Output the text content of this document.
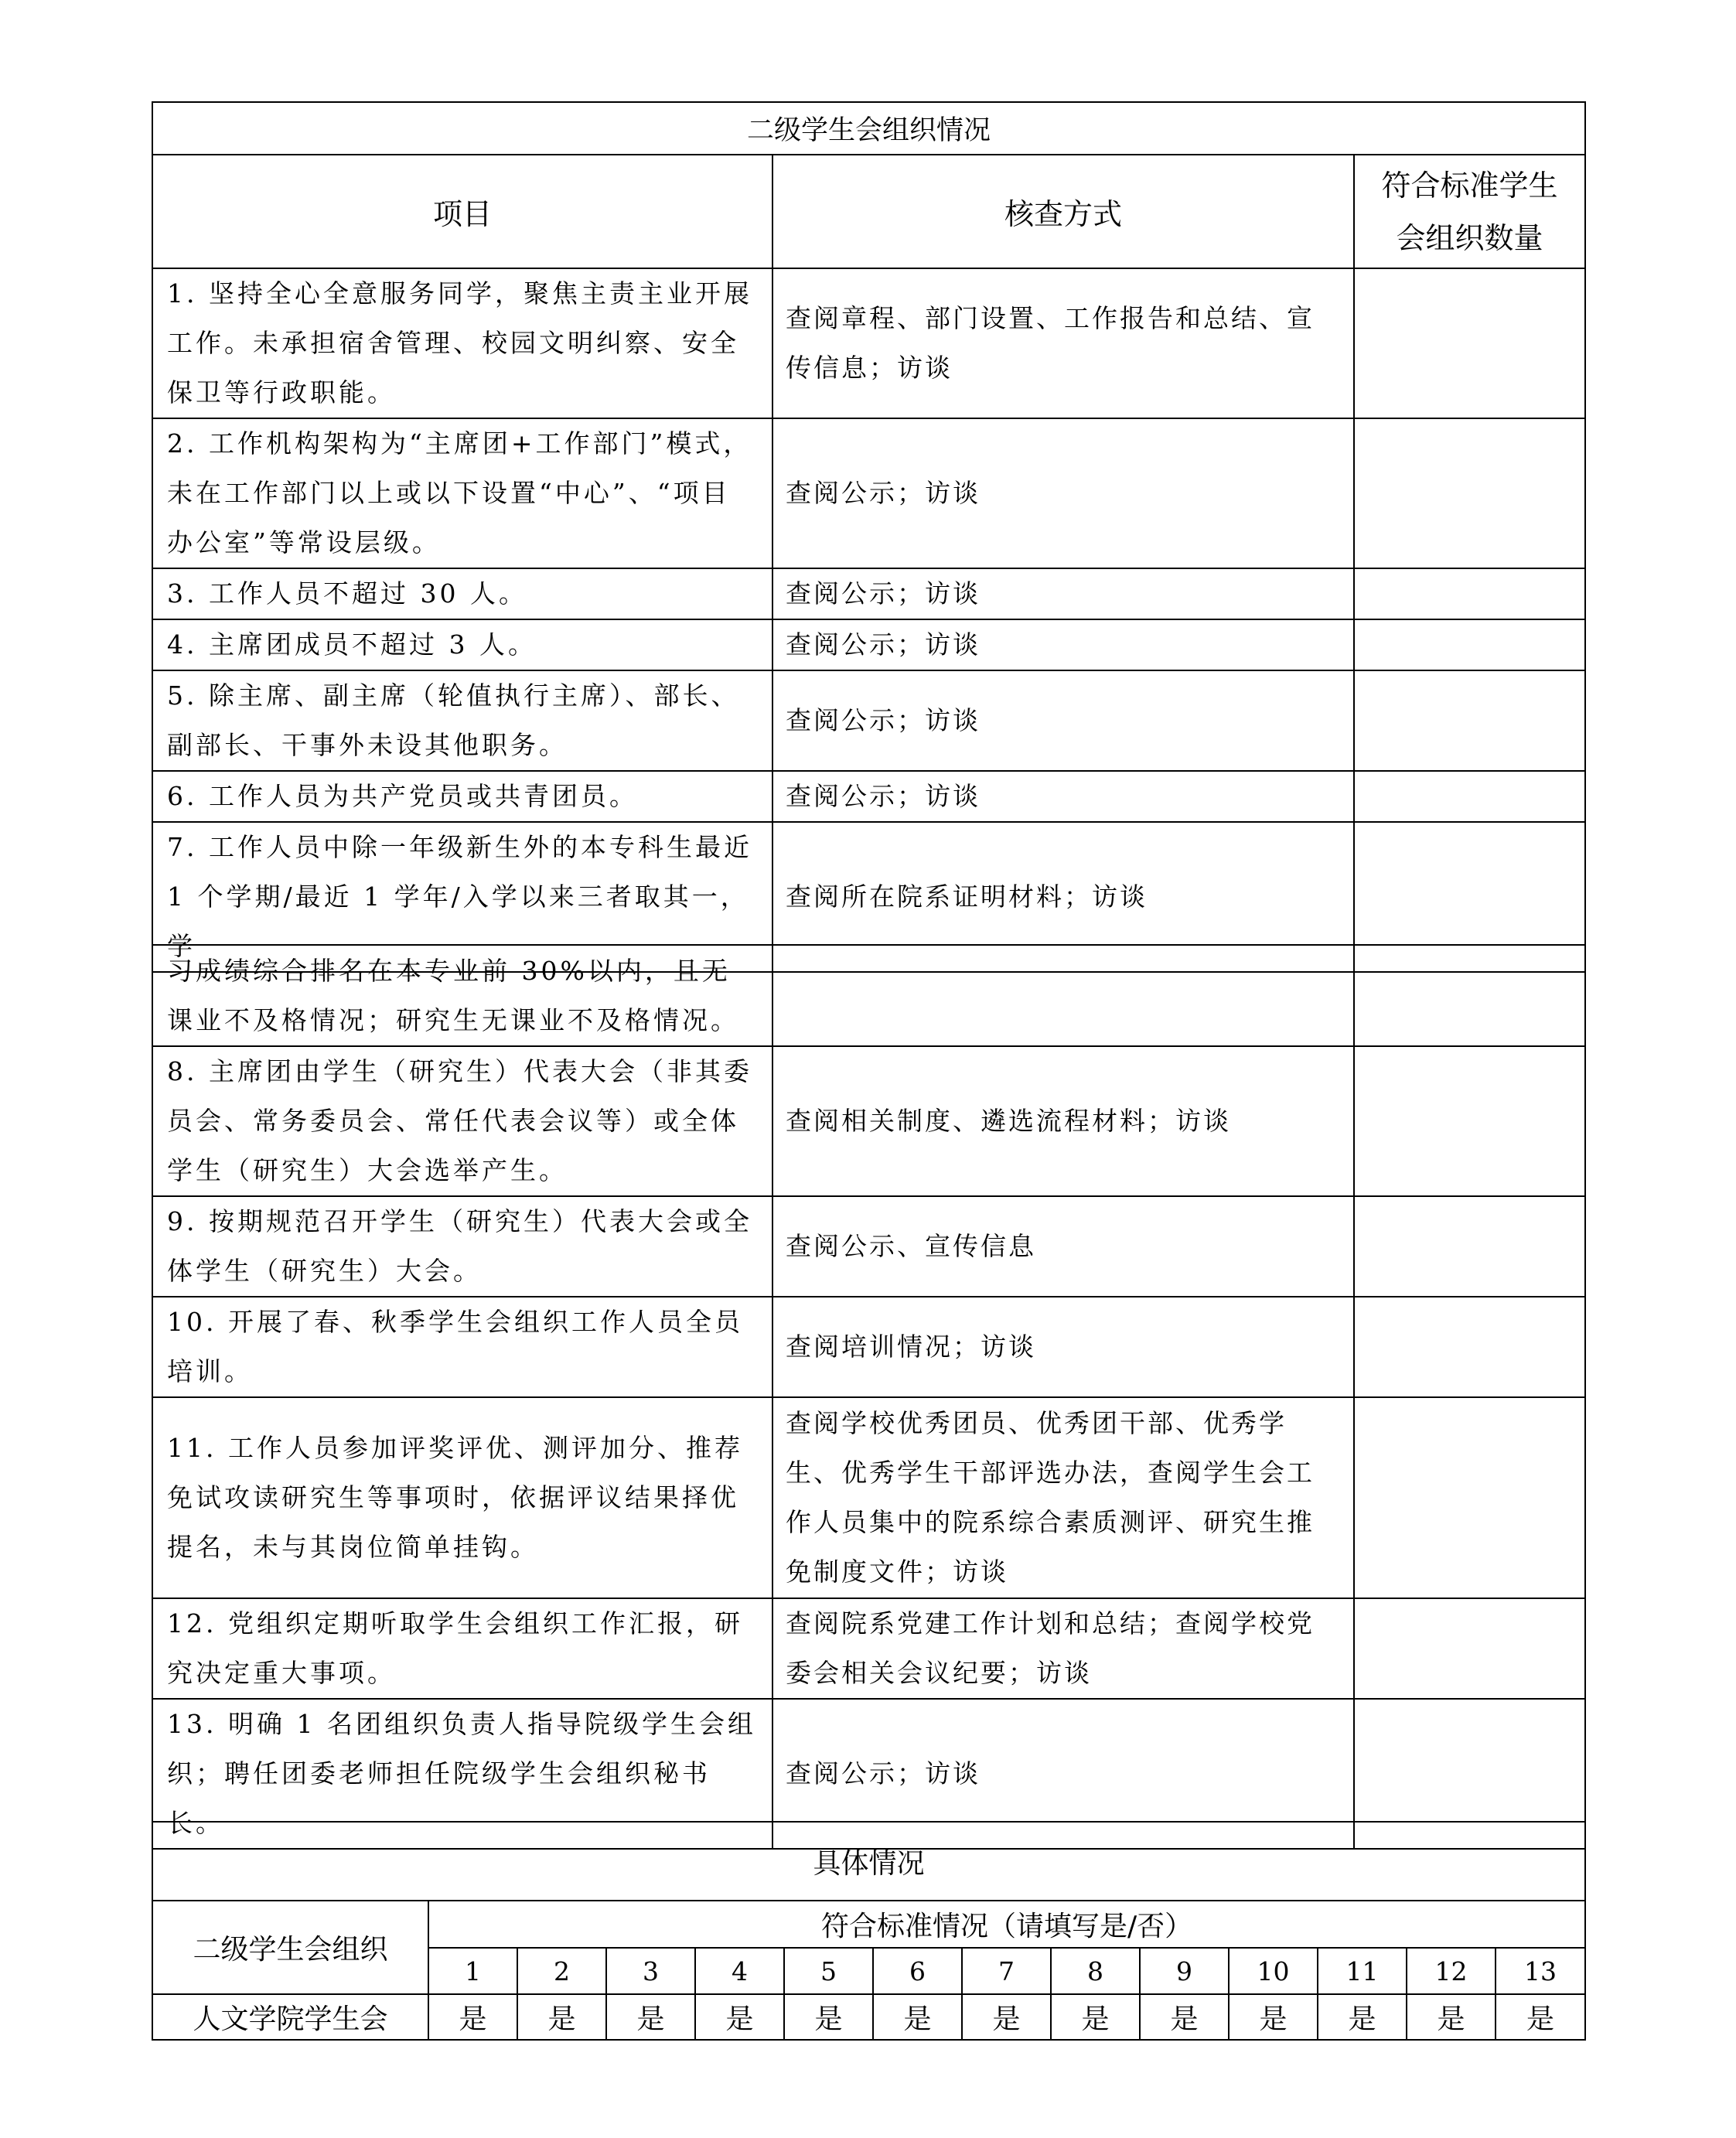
二级学生会组织情况		
项目	核查方式	符合标准学生
会组织数量

1. 坚持全心全意服务同学，聚焦主责主业开展工作。未承担宿舍管理、校园文明纠察、安全保卫等行政职能。	查阅章程、部门设置、工作报告和总结、宣传信息；访谈	
2. 工作机构架构为“主席团+工作部门”模式，未在工作部门以上或以下设置“中心”、“项目办公室”等常设层级。	查阅公示；访谈	
3. 工作人员不超过 30 人。	查阅公示；访谈	
4. 主席团成员不超过 3 人。	查阅公示；访谈	
5. 除主席、副主席（轮值执行主席）、部长、副部长、干事外未设其他职务。	查阅公示；访谈	
6. 工作人员为共产党员或共青团员。	查阅公示；访谈	
7. 工作人员中除一年级新生外的本专科生最近 1 个学期/最近 1 学年/入学以来三者取其一，学	查阅所在院系证明材料；访谈	
习成绩综合排名在本专业前 30%以内，且无课业不及格情况；研究生无课业不及格情况。		
8. 主席团由学生（研究生）代表大会（非其委员会、常务委员会、常任代表会议等）或全体学生（研究生）大会选举产生。	查阅相关制度、遴选流程材料；访谈	
9. 按期规范召开学生（研究生）代表大会或全体学生（研究生）大会。	查阅公示、宣传信息	
10. 开展了春、秋季学生会组织工作人员全员培训。	查阅培训情况；访谈	
11. 工作人员参加评奖评优、测评加分、推荐免试攻读研究生等事项时，依据评议结果择优提名，未与其岗位简单挂钩。	查阅学校优秀团员、优秀团干部、优秀学生、优秀学生干部评选办法，查阅学生会工作人员集中的院系综合素质测评、研究生推免制度文件；访谈	
12. 党组织定期听取学生会组织工作汇报，研究决定重大事项。	查阅院系党建工作计划和总结；查阅学校党委会相关会议纪要；访谈	
13. 明确 1 名团组织负责人指导院级学生会组织；聘任团委老师担任院级学生会组织秘书长。	查阅公示；访谈	
具体情况													
二级学生会组织	符合标准情况（请填写是/否）												
	1	2	3	4	5	6	7	8	9	10	11	12	13
人文学院学生会	是	是	是	是	是	是	是	是	是	是	是	是	是
